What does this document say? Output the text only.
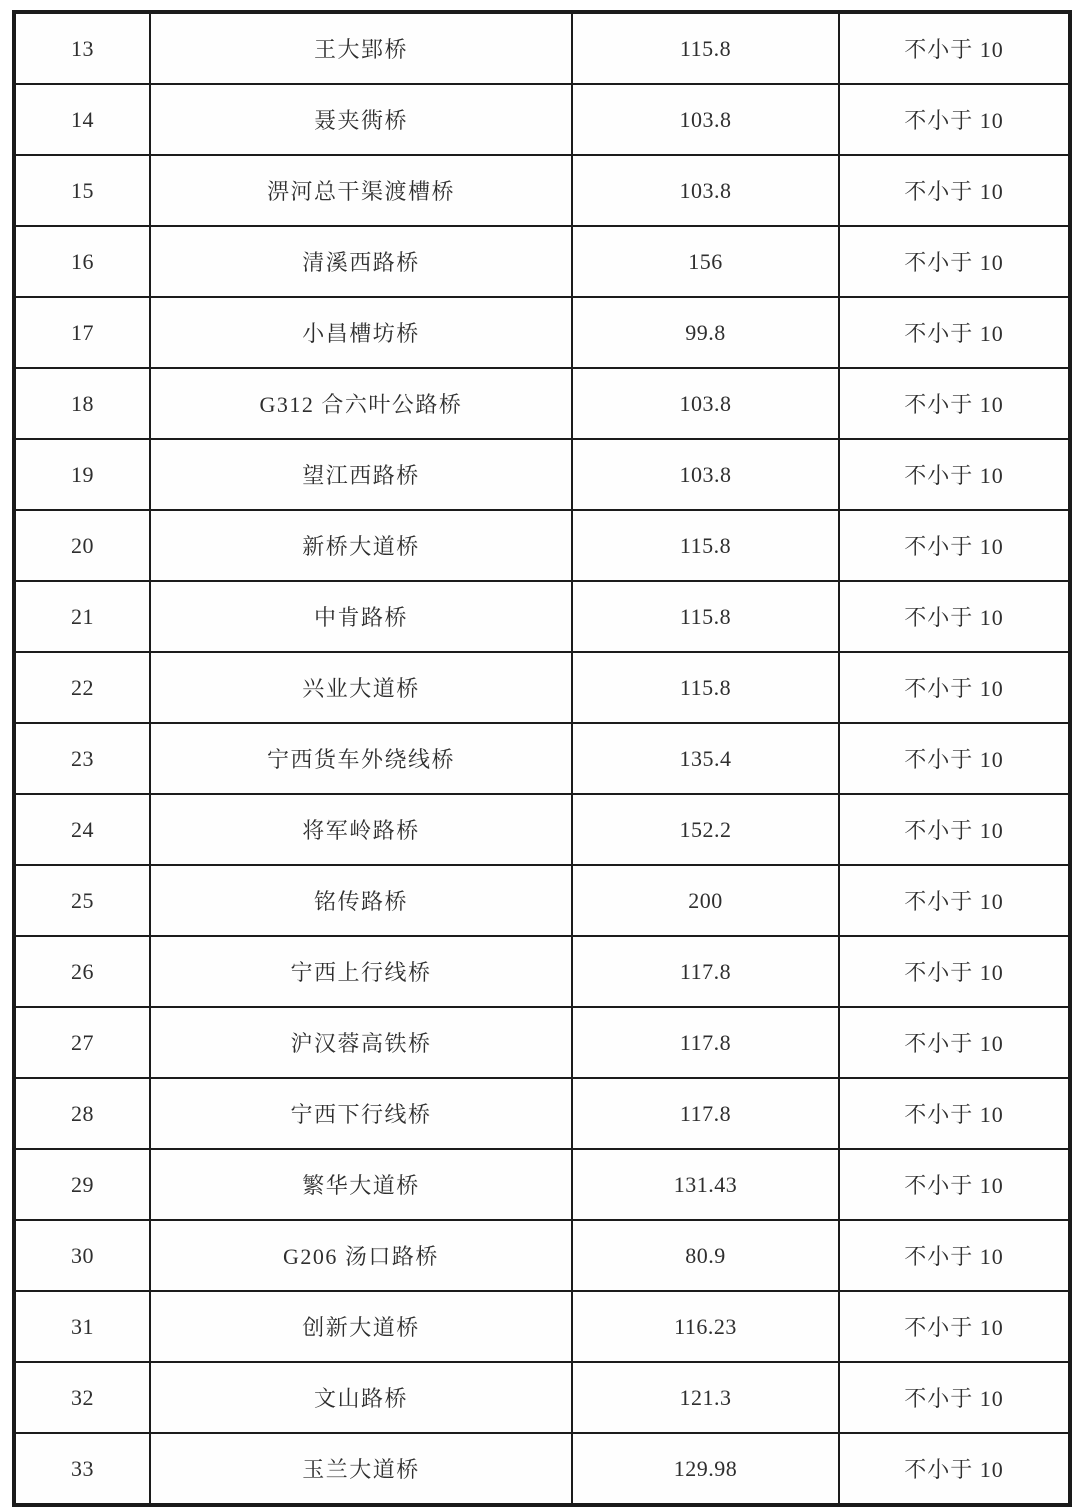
13	王大郢桥	115.8	不小于 10
14	聂夹衖桥	103.8	不小于 10
15	淠河总干渠渡槽桥	103.8	不小于 10
16	清溪西路桥	156	不小于 10
17	小昌槽坊桥	99.8	不小于 10
18	G312 合六叶公路桥	103.8	不小于 10
19	望江西路桥	103.8	不小于 10
20	新桥大道桥	115.8	不小于 10
21	中肯路桥	115.8	不小于 10
22	兴业大道桥	115.8	不小于 10
23	宁西货车外绕线桥	135.4	不小于 10
24	将军岭路桥	152.2	不小于 10
25	铭传路桥	200	不小于 10
26	宁西上行线桥	117.8	不小于 10
27	沪汉蓉高铁桥	117.8	不小于 10
28	宁西下行线桥	117.8	不小于 10
29	繁华大道桥	131.43	不小于 10
30	G206 汤口路桥	80.9	不小于 10
31	创新大道桥	116.23	不小于 10
32	文山路桥	121.3	不小于 10
33	玉兰大道桥	129.98	不小于 10
